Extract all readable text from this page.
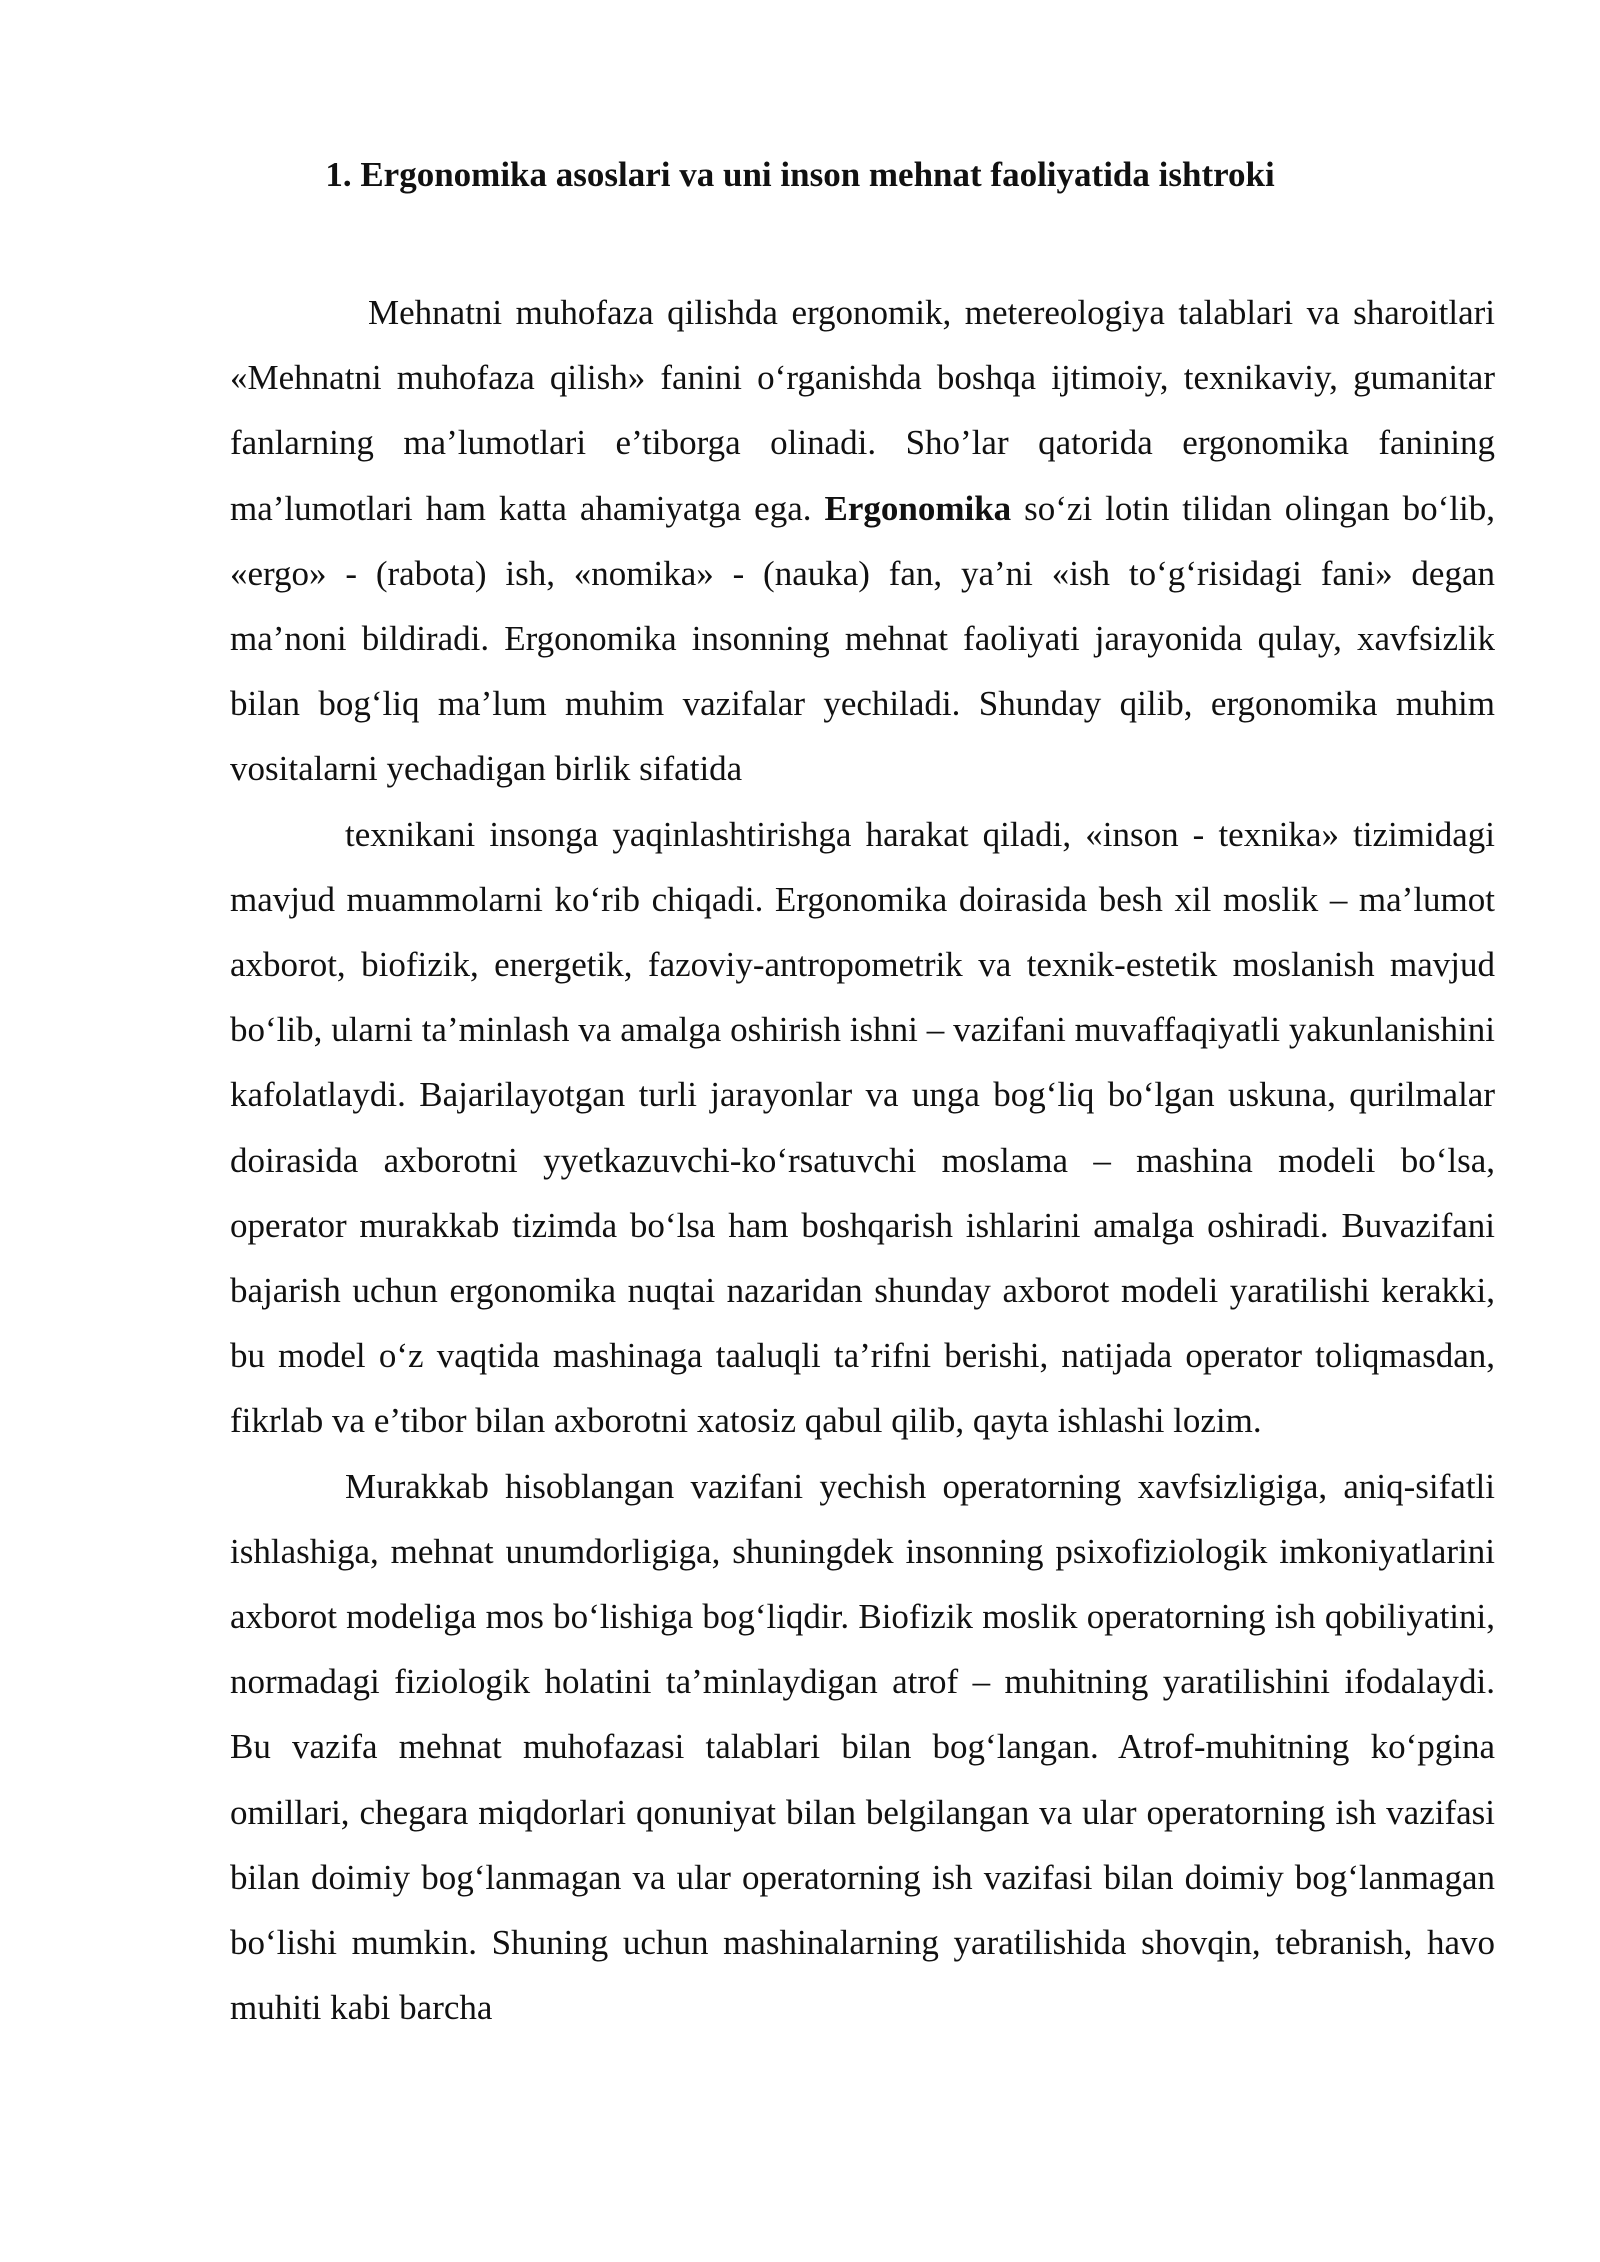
1. Ergonomika asoslari va uni inson mehnat faoliyatida ishtroki

Mehnatni muhofaza qilishda ergonomik, metereologiya talablari va sharoitlari «Mehnatni muhofaza qilish» fanini o‘rganishda boshqa ijtimoiy, texnikaviy, gumanitar fanlarning ma’lumotlari e’tiborga olinadi. Sho’lar qatorida ergonomika fanining ma’lumotlari ham katta ahamiyatga ega. Ergonomika so‘zi lotin tilidan olingan bo‘lib, «ergo» - (rabota) ish, «nomika» - (nauka) fan, ya’ni «ish to‘g‘risidagi fani» degan ma’noni bildiradi. Ergonomika insonning mehnat faoliyati jarayonida qulay, xavfsizlik bilan bog‘liq ma’lum muhim vazifalar yechiladi. Shunday qilib, ergonomika muhim vositalarni yechadigan birlik sifatida

texnikani insonga yaqinlashtirishga harakat qiladi, «inson - texnika» tizimidagi mavjud muammolarni ko‘rib chiqadi. Ergonomika doirasida besh xil moslik – ma’lumot axborot, biofizik, energetik, fazoviy-antropometrik va texnik-estetik moslanish mavjud bo‘lib, ularni ta’minlash va amalga oshirish ishni – vazifani muvaffaqiyatli yakunlanishini kafolatlaydi. Bajarilayotgan turli jarayonlar va unga bog‘liq bo‘lgan uskuna, qurilmalar doirasida axborotni yyetkazuvchi-ko‘rsatuvchi moslama – mashina modeli bo‘lsa, operator murakkab tizimda bo‘lsa ham boshqarish ishlarini amalga oshiradi. Buvazifani bajarish uchun ergonomika nuqtai nazaridan shunday axborot modeli yaratilishi kerakki, bu model o‘z vaqtida mashinaga taaluqli ta’rifni berishi, natijada operator toliqmasdan, fikrlab va e’tibor bilan axborotni xatosiz qabul qilib, qayta ishlashi lozim.

Murakkab hisoblangan vazifani yechish operatorning xavfsizligiga, aniq-sifatli ishlashiga, mehnat unumdorligiga, shuningdek insonning psixofiziologik imkoniyatlarini axborot modeliga mos bo‘lishiga bog‘liqdir. Biofizik moslik operatorning ish qobiliyatini, normadagi fiziologik holatini ta’minlaydigan atrof – muhitning yaratilishini ifodalaydi. Bu vazifa mehnat muhofazasi talablari bilan bog‘langan. Atrof-muhitning ko‘pgina omillari, chegara miqdorlari qonuniyat bilan belgilangan va ular operatorning ish vazifasi bilan doimiy bog‘lanmagan va ular operatorning ish vazifasi bilan doimiy bog‘lanmagan bo‘lishi mumkin. Shuning uchun mashinalarning yaratilishida shovqin, tebranish, havo muhiti kabi barcha
